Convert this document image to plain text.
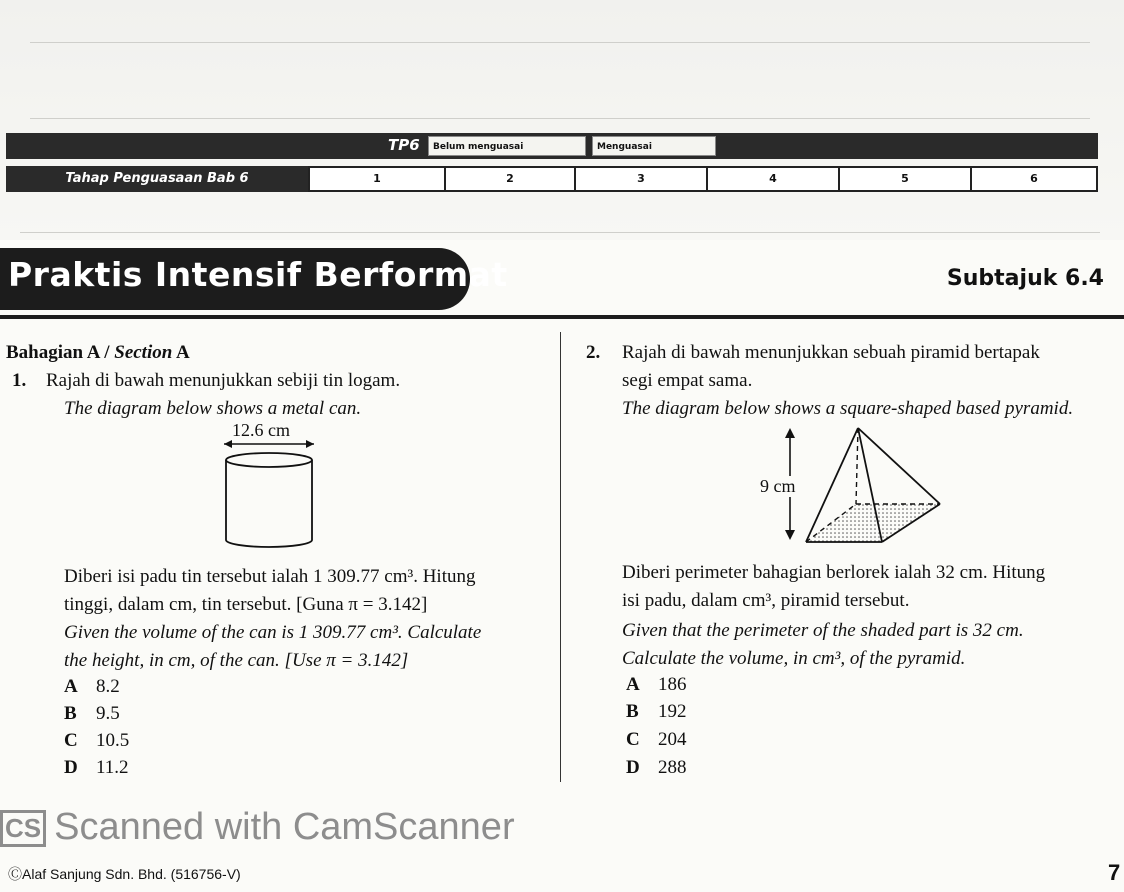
TP6	Belum menguasai	Menguasai
Tahap Penguasaan Bab 6	1	2	3	4	5	6
Praktis Intensif Berformat	Subtajuk 6.4
Bahagian A / Section A
1. Rajah di bawah menunjukkan sebiji tin logam.
The diagram below shows a metal can.
12.6 cm
Diberi isi padu tin tersebut ialah 1 309.77 cm³. Hitung
tinggi, dalam cm, tin tersebut. [Guna π = 3.142]
Given the volume of the can is 1 309.77 cm³. Calculate
the height, in cm, of the can. [Use π = 3.142]
A 8.2
B 9.5
C 10.5
D 11.2
2. Rajah di bawah menunjukkan sebuah piramid bertapak
segi empat sama.
The diagram below shows a square-shaped based pyramid.
9 cm
Diberi perimeter bahagian berlorek ialah 32 cm. Hitung
isi padu, dalam cm³, piramid tersebut.
Given that the perimeter of the shaded part is 32 cm.
Calculate the volume, in cm³, of the pyramid.
A 186
B 192
C 204
D 288
CS Scanned with CamScanner
ⒸAlaf Sanjung Sdn. Bhd. (516756-V)	7
